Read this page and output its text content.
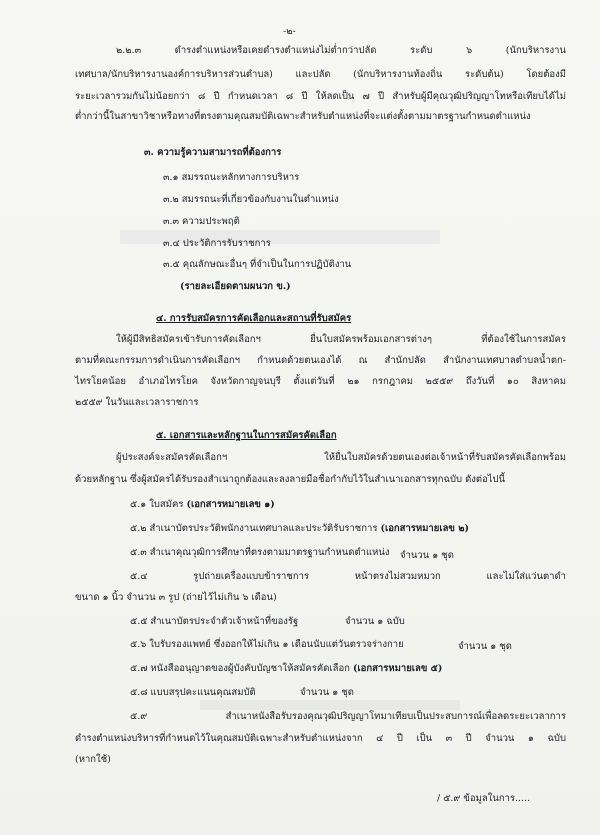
-๒-
๒.๒.๓ ดำรงตำแหน่งหรือเคยดำรงตำแหน่งไม่ต่ำกว่าปลัด ระดับ ๖ (นักบริหารงาน
เทศบาล/นักบริหารงานองค์การบริหารส่วนตำบล) และปลัด (นักบริหารงานท้องถิ่น ระดับต้น) โดยต้องมี
ระยะเวลารวมกันไม่น้อยกว่า ๘ ปี กำหนดเวลา ๘ ปี ให้ลดเป็น ๗ ปี สำหรับผู้มีคุณวุฒิปริญญาโทหรือเทียบได้ไม่
ต่ำกว่านี้ในสาขาวิชาหรือทางที่ตรงตามคุณสมบัติเฉพาะสำหรับตำแหน่งที่จะแต่งตั้งตามมาตรฐานกำหนดตำแหน่ง
๓. ความรู้ความสามารถที่ต้องการ
๓.๑ สมรรถนะหลักทางการบริหาร
๓.๒ สมรรถนะที่เกี่ยวข้องกับงานในตำแหน่ง
๓.๓ ความประพฤติ
๓.๔ ประวัติการรับราชการ
๓.๕ คุณลักษณะอื่นๆ ที่จำเป็นในการปฏิบัติงาน
(รายละเอียดตามผนวก ข.)
๔. การรับสมัครการคัดเลือกและสถานที่รับสมัคร
ให้ผู้มีสิทธิสมัครเข้ารับการคัดเลือกฯ ยื่นใบสมัครพร้อมเอกสารต่างๆ ที่ต้องใช้ในการสมัคร
ตามที่คณะกรรมการดำเนินการคัดเลือกฯ กำหนดด้วยตนเองได้ ณ สำนักปลัด สำนักงานเทศบาลตำบลน้ำตก-
ไทรโยคน้อย อำเภอไทรโยค จังหวัดกาญจนบุรี ตั้งแต่วันที่ ๒๑ กรกฎาคม ๒๕๕๙ ถึงวันที่ ๑๐ สิงหาคม
๒๕๕๙ ในวันและเวลาราชการ
๕. เอกสารและหลักฐานในการสมัครคัดเลือก
ผู้ประสงค์จะสมัครคัดเลือกฯ ให้ยื่นใบสมัครด้วยตนเองต่อเจ้าหน้าที่รับสมัครคัดเลือกพร้อม
ด้วยหลักฐาน ซึ่งผู้สมัครได้รับรองสำเนาถูกต้องและลงลายมือชื่อกำกับไว้ในสำเนาเอกสารทุกฉบับ ดังต่อไปนี้
๕.๑ ใบสมัคร (เอกสารหมายเลข ๑)
๕.๒ สำเนาบัตรประวัติพนักงานเทศบาลและประวัติรับราชการ (เอกสารหมายเลข ๒)
๕.๓ สำเนาคุณวุฒิการศึกษาที่ตรงตามมาตรฐานกำหนดตำแหน่ง จำนวน ๑ ชุด
๕.๔ รูปถ่ายเครื่องแบบข้าราชการ หน้าตรงไม่สวมหมวก และไม่ใส่แว่นตาดำ
ขนาด ๑ นิ้ว จำนวน ๓ รูป (ถ่ายไว้ไม่เกิน ๖ เดือน)
๕.๕ สำเนาบัตรประจำตัวเจ้าหน้าที่ของรัฐ	จำนวน ๑ ฉบับ
๕.๖ ใบรับรองแพทย์ ซึ่งออกให้ไม่เกิน ๑ เดือนนับแต่วันตรวจร่างกาย	จำนวน ๑ ชุด
๕.๗ หนังสืออนุญาตของผู้บังคับบัญชาให้สมัครคัดเลือก (เอกสารหมายเลข ๕)
๕.๘ แบบสรุปคะแนนคุณสมบัติ	จำนวน ๑ ชุด
๕.๙ สำเนาหนังสือรับรองคุณวุฒิปริญญาโทมาเทียบเป็นประสบการณ์เพื่อลดระยะเวลาการ
ดำรงตำแหน่งบริหารที่กำหนดไว้ในคุณสมบัติเฉพาะสำหรับตำแหน่งจาก ๔ ปี เป็น ๓ ปี จำนวน ๑ ฉบับ
(หากใช้)
/ ๕.๙ ข้อมูลในการ.....
